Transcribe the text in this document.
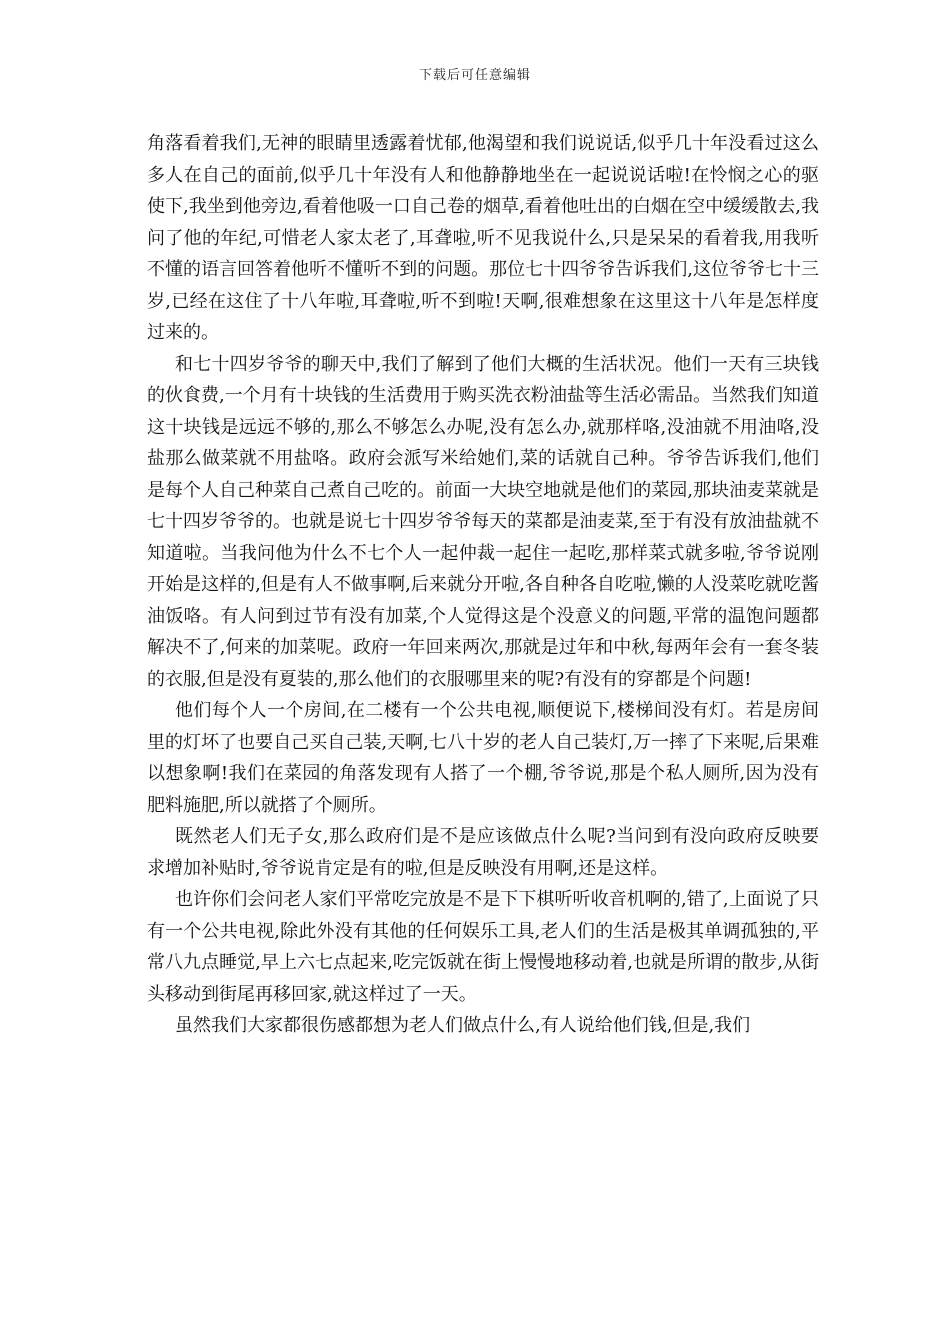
下载后可任意编辑

角落看着我们,无神的眼睛里透露着忧郁,他渴望和我们说说话,似乎几十年没看过这么多人在自己的面前,似乎几十年没有人和他静静地坐在一起说说话啦!在怜悯之心的驱使下,我坐到他旁边,看着他吸一口自己卷的烟草,看着他吐出的白烟在空中缓缓散去,我问了他的年纪,可惜老人家太老了,耳聋啦,听不见我说什么,只是呆呆的看着我,用我听不懂的语言回答着他听不懂听不到的问题。那位七十四爷爷告诉我们,这位爷爷七十三岁,已经在这住了十八年啦,耳聋啦,听不到啦!天啊,很难想象在这里这十八年是怎样度过来的。

和七十四岁爷爷的聊天中,我们了解到了他们大概的生活状况。他们一天有三块钱的伙食费,一个月有十块钱的生活费用于购买洗衣粉油盐等生活必需品。当然我们知道这十块钱是远远不够的,那么不够怎么办呢,没有怎么办,就那样咯,没油就不用油咯,没盐那么做菜就不用盐咯。政府会派写米给她们,菜的话就自己种。爷爷告诉我们,他们是每个人自己种菜自己煮自己吃的。前面一大块空地就是他们的菜园,那块油麦菜就是七十四岁爷爷的。也就是说七十四岁爷爷每天的菜都是油麦菜,至于有没有放油盐就不知道啦。当我问他为什么不七个人一起仲裁一起住一起吃,那样菜式就多啦,爷爷说刚开始是这样的,但是有人不做事啊,后来就分开啦,各自种各自吃啦,懒的人没菜吃就吃酱油饭咯。有人问到过节有没有加菜,个人觉得这是个没意义的问题,平常的温饱问题都解决不了,何来的加菜呢。政府一年回来两次,那就是过年和中秋,每两年会有一套冬装的衣服,但是没有夏装的,那么他们的衣服哪里来的呢?有没有的穿都是个问题!

他们每个人一个房间,在二楼有一个公共电视,顺便说下,楼梯间没有灯。若是房间里的灯坏了也要自己买自己装,天啊,七八十岁的老人自己装灯,万一摔了下来呢,后果难以想象啊!我们在菜园的角落发现有人搭了一个棚,爷爷说,那是个私人厕所,因为没有肥料施肥,所以就搭了个厕所。

既然老人们无子女,那么政府们是不是应该做点什么呢?当问到有没向政府反映要求增加补贴时,爷爷说肯定是有的啦,但是反映没有用啊,还是这样。

也许你们会问老人家们平常吃完放是不是下下棋听听收音机啊的,错了,上面说了只有一个公共电视,除此外没有其他的任何娱乐工具,老人们的生活是极其单调孤独的,平常八九点睡觉,早上六七点起来,吃完饭就在街上慢慢地移动着,也就是所谓的散步,从街头移动到街尾再移回家,就这样过了一天。

虽然我们大家都很伤感都想为老人们做点什么,有人说给他们钱,但是,我们
